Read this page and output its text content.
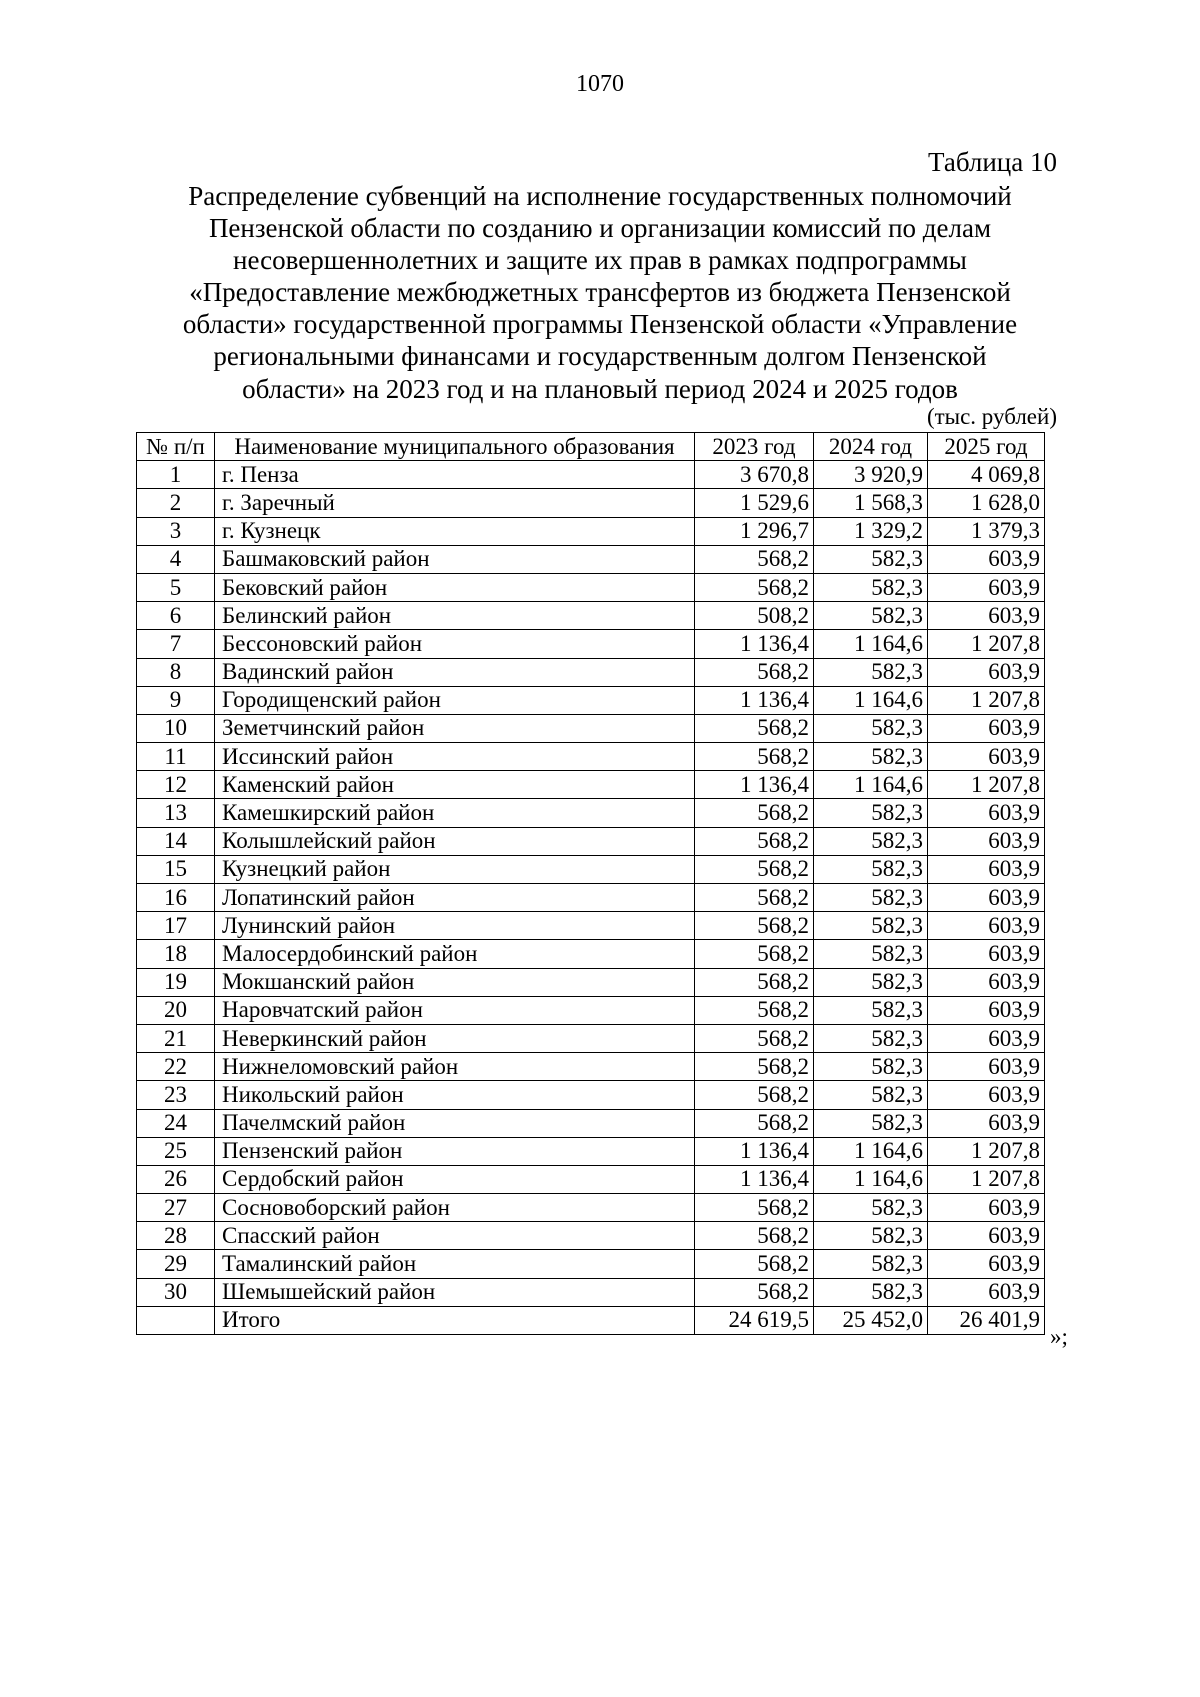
1070
Таблица 10
Распределение субвенций на исполнение государственных полномочий
Пензенской области по созданию и организации комиссий по делам
несовершеннолетних и защите их прав в рамках подпрограммы
«Предоставление межбюджетных трансфертов из бюджета Пензенской
области» государственной программы Пензенской области «Управление
региональными финансами и государственным долгом Пензенской
области» на 2023 год и на плановый период 2024 и 2025 годов
(тыс. рублей)
№ п/п	Наименование муниципального образования	2023 год	2024 год	2025 год
1	г. Пенза	3 670,8	3 920,9	4 069,8
2	г. Заречный	1 529,6	1 568,3	1 628,0
3	г. Кузнецк	1 296,7	1 329,2	1 379,3
4	Башмаковский район	568,2	582,3	603,9
5	Бековский район	568,2	582,3	603,9
6	Белинский район	508,2	582,3	603,9
7	Бессоновский район	1 136,4	1 164,6	1 207,8
8	Вадинский район	568,2	582,3	603,9
9	Городищенский район	1 136,4	1 164,6	1 207,8
10	Земетчинский район	568,2	582,3	603,9
11	Иссинский район	568,2	582,3	603,9
12	Каменский район	1 136,4	1 164,6	1 207,8
13	Камешкирский район	568,2	582,3	603,9
14	Колышлейский район	568,2	582,3	603,9
15	Кузнецкий район	568,2	582,3	603,9
16	Лопатинский район	568,2	582,3	603,9
17	Лунинский район	568,2	582,3	603,9
18	Малосердобинский район	568,2	582,3	603,9
19	Мокшанский район	568,2	582,3	603,9
20	Наровчатский район	568,2	582,3	603,9
21	Неверкинский район	568,2	582,3	603,9
22	Нижнеломовский район	568,2	582,3	603,9
23	Никольский район	568,2	582,3	603,9
24	Пачелмский район	568,2	582,3	603,9
25	Пензенский район	1 136,4	1 164,6	1 207,8
26	Сердобский район	1 136,4	1 164,6	1 207,8
27	Сосновоборский район	568,2	582,3	603,9
28	Спасский район	568,2	582,3	603,9
29	Тамалинский район	568,2	582,3	603,9
30	Шемышейский район	568,2	582,3	603,9
	Итого	24 619,5	25 452,0	26 401,9
»;
